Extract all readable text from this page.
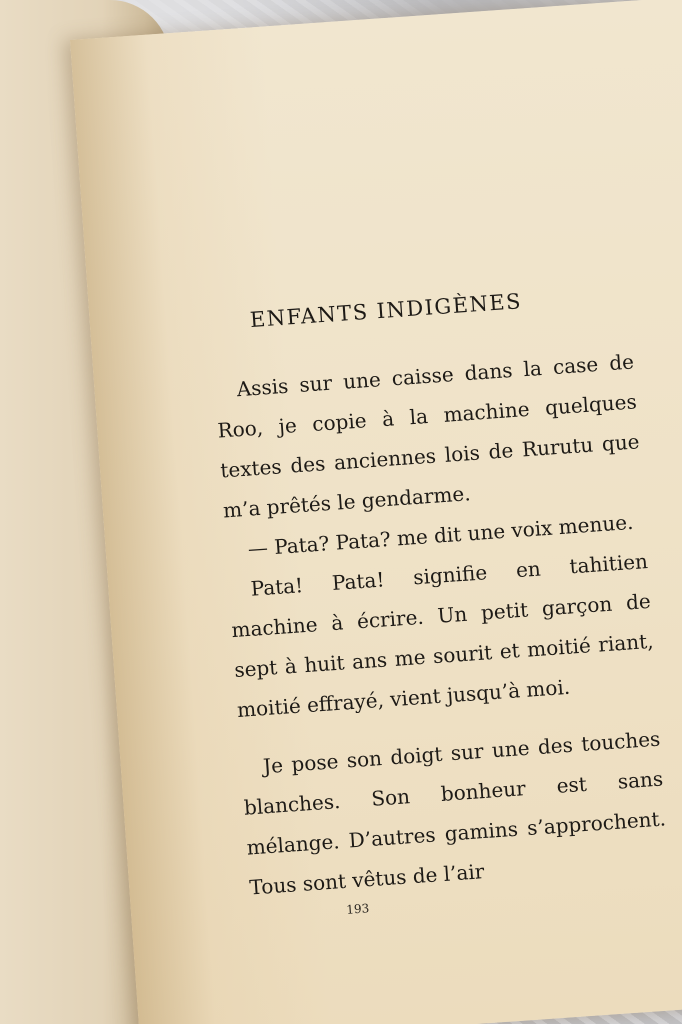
ENFANTS INDIGÈNES

Assis sur une caisse dans la case de Roo, je copie à la machine quelques textes des anciennes lois de Rurutu que m’a prêtés le gendarme.

— Pata? Pata? me dit une voix menue.

Pata! Pata! signifie en tahitien machine à écrire. Un petit garçon de sept à huit ans me sourit et moitié riant, moitié effrayé, vient jusqu’à moi.

Je pose son doigt sur une des touches blanches. Son bonheur est sans mélange. D’autres gamins s’approchent. Tous sont vêtus de l’air

193
